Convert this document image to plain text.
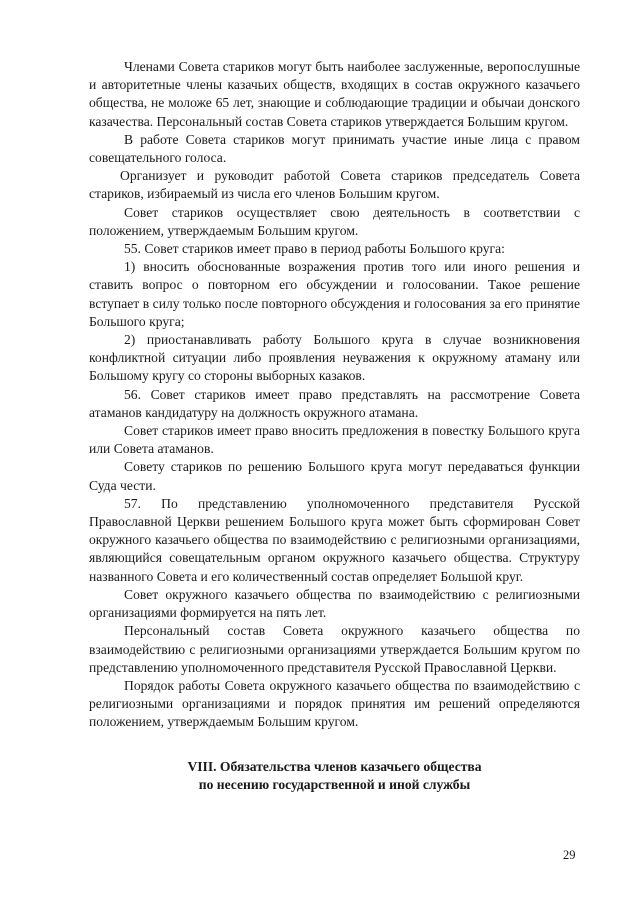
Членами Совета стариков могут быть наиболее заслуженные, веропослушные и авторитетные члены казачьих обществ, входящих в состав окружного казачьего общества, не моложе 65 лет, знающие и соблюдающие традиции и обычаи донского казачества. Персональный состав Совета стариков утверждается Большим кругом.

В работе Совета стариков могут принимать участие иные лица с правом совещательного голоса.

Организует и руководит работой Совета стариков председатель Совета стариков, избираемый из числа его членов Большим кругом.

Совет стариков осуществляет свою деятельность в соответствии с положением, утверждаемым Большим кругом.

55. Совет стариков имеет право в период работы Большого круга:

1) вносить обоснованные возражения против того или иного решения и ставить вопрос о повторном его обсуждении и голосовании. Такое решение вступает в силу только после повторного обсуждения и голосования за его принятие Большого круга;

2) приостанавливать работу Большого круга в случае возникновения конфликтной ситуации либо проявления неуважения к окружному атаману или Большому кругу со стороны выборных казаков.

56. Совет стариков имеет право представлять на рассмотрение Совета атаманов кандидатуру на должность окружного атамана.

Совет стариков имеет право вносить предложения в повестку Большого круга или Совета атаманов.

Совету стариков по решению Большого круга могут передаваться функции Суда чести.

57. По представлению уполномоченного представителя Русской Православной Церкви решением Большого круга может быть сформирован Совет окружного казачьего общества по взаимодействию с религиозными организациями, являющийся совещательным органом окружного казачьего общества. Структуру названного Совета и его количественный состав определяет Большой круг.

Совет окружного казачьего общества по взаимодействию с религиозными организациями формируется на пять лет.

Персональный состав Совета окружного казачьего общества по взаимодействию с религиозными организациями утверждается Большим кругом по представлению уполномоченного представителя Русской Православной Церкви.

Порядок работы Совета окружного казачьего общества по взаимодействию с религиозными организациями и порядок принятия им решений определяются положением, утверждаемым Большим кругом.

VIII. Обязательства членов казачьего общества
по несению государственной и иной службы
29
